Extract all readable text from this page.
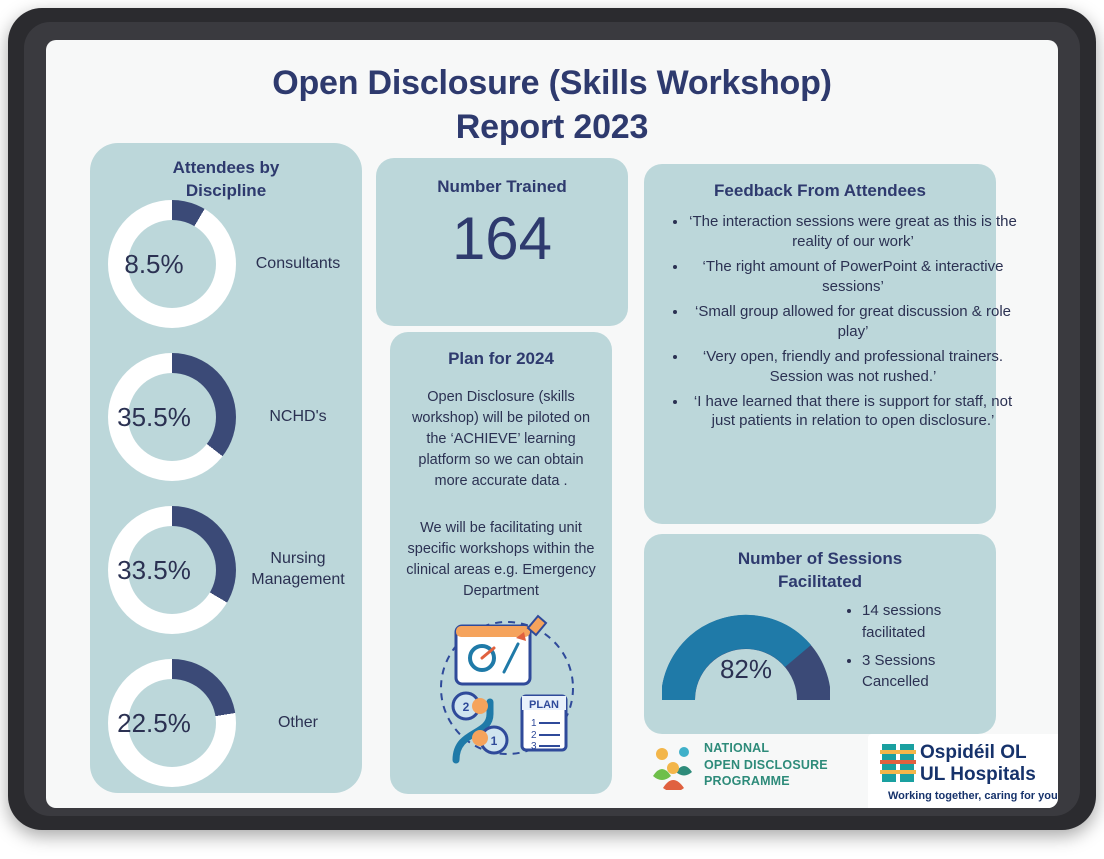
Open Disclosure (Skills Workshop)
Report 2023
Attendees by
Discipline
8.5%	Consultants
35.5%	NCHD's
33.5%	Nursing Management
22.5%	Other
Number Trained
164
Plan for 2024
Open Disclosure (skills workshop) will be piloted on the ‘ACHIEVE’ learning platform so we can obtain more accurate data .
We will be facilitating unit specific workshops within the clinical areas e.g. Emergency Department
PLAN
1
2
3
2
1
Feedback From Attendees
• ‘The interaction sessions were great as this is the reality of our work’
• ‘The right amount of PowerPoint & interactive sessions’
• ‘Small group allowed for great discussion & role play’
• ‘Very open, friendly and professional trainers. Session was not rushed.’
• ‘I have learned that there is support for staff, not just patients in relation to open disclosure.’
Number of Sessions
Facilitated
82%
• 14 sessions facilitated
• 3 Sessions Cancelled
NATIONAL
OPEN DISCLOSURE
PROGRAMME
Ospidéil OL
UL Hospitals
Working together, caring for you
